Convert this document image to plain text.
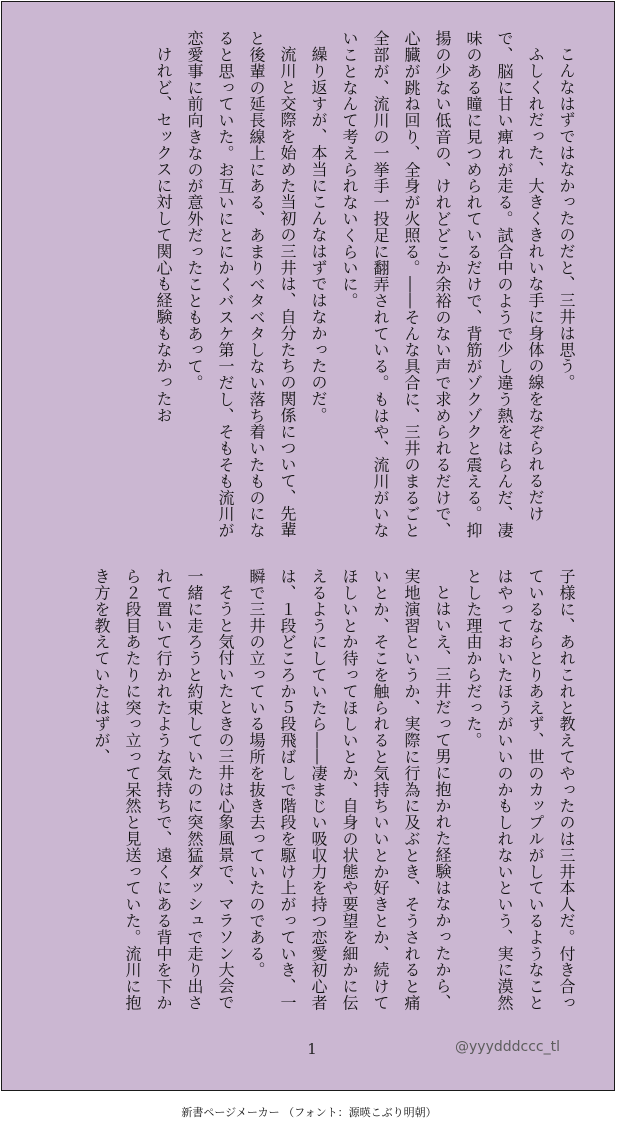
こんなはずではなかったのだと、三井は思う。

ふしくれだった、大きくきれいな手に身体の線をなぞられるだけで、脳に甘い痺れが走る。試合中のようで少し違う熱をはらんだ、凄味のある瞳に見つめられているだけで、背筋がゾクゾクと震える。抑揚の少ない低音の、けれどどこか余裕のない声で求められるだけで、心臓が跳ね回り、全身が火照る。――そんな具合に、三井のまるごと全部が、流川の一挙手一投足に翻弄されている。もはや、流川がいないことなんて考えられないくらいに。

繰り返すが、本当にこんなはずではなかったのだ。

流川と交際を始めた当初の三井は、自分たちの関係について、先輩と後輩の延長線上にある、あまりベタベタしない落ち着いたものになると思っていた。お互いにとにかくバスケ第一だし、そもそも流川が恋愛事に前向きなのが意外だったこともあって。

けれど、セックスに対して関心も経験もなかったお

子様に、あれこれと教えてやったのは三井本人だ。付き合っているならとりあえず、世のカップルがしているようなことはやっておいたほうがいいのかもしれないという、実に漠然とした理由からだった。

とはいえ、三井だって男に抱かれた経験はなかったから、実地演習というか、実際に行為に及ぶとき、そうされると痛いとか、そこを触られると気持ちいいとか好きとか、続けてほしいとか待ってほしいとか、自身の状態や要望を細かに伝えるようにしていたら――凄まじい吸収力を持つ恋愛初心者は、１段どころか５段飛ばしで階段を駆け上がっていき、一瞬で三井の立っている場所を抜き去っていたのである。

そうと気付いたときの三井は心象風景で、マラソン大会で一緒に走ろうと約束していたのに突然猛ダッシュで走り出されて置いて行かれたような気持ちで、遠くにある背中を下から２段目あたりに突っ立って呆然と見送っていた。流川に抱き方を教えていたはずが、

1	@yyydddccc_tl
新書ページメーカー （フォント：源暎こぶり明朝）
